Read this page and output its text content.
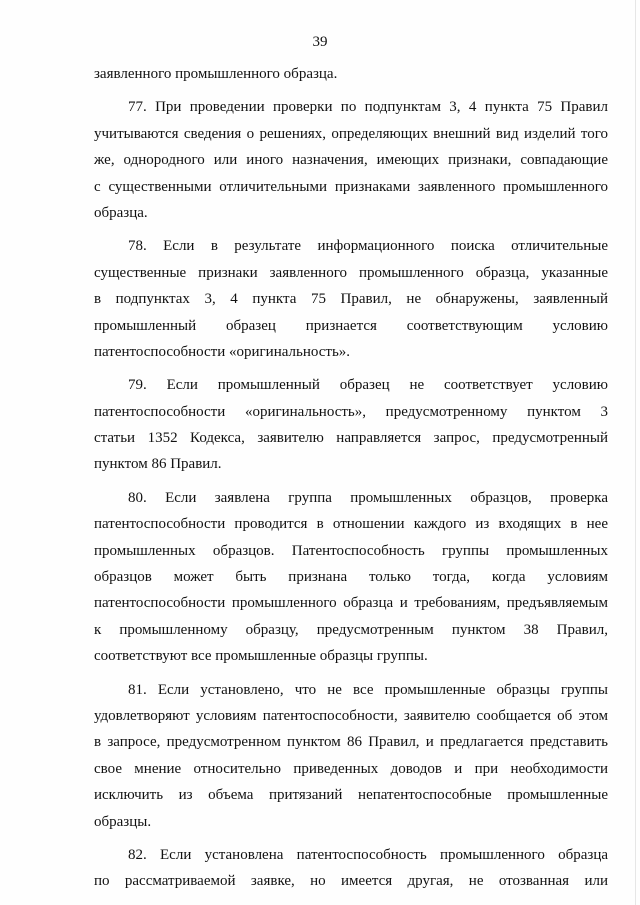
39
заявленного промышленного образца.
77. При проведении проверки по подпунктам 3, 4 пункта 75 Правил
учитываются сведения о решениях, определяющих внешний вид изделий того
же, однородного или иного назначения, имеющих признаки, совпадающие
с существенными отличительными признаками заявленного промышленного
образца.
78. Если в результате информационного поиска отличительные
существенные признаки заявленного промышленного образца, указанные
в подпунктах 3, 4 пункта 75 Правил, не обнаружены, заявленный
промышленный образец признается соответствующим условию
патентоспособности «оригинальность».
79. Если промышленный образец не соответствует условию
патентоспособности «оригинальность», предусмотренному пунктом 3
статьи 1352 Кодекса, заявителю направляется запрос, предусмотренный
пунктом 86 Правил.
80. Если заявлена группа промышленных образцов, проверка
патентоспособности проводится в отношении каждого из входящих в нее
промышленных образцов. Патентоспособность группы промышленных
образцов может быть признана только тогда, когда условиям
патентоспособности промышленного образца и требованиям, предъявляемым
к промышленному образцу, предусмотренным пунктом 38 Правил,
соответствуют все промышленные образцы группы.
81. Если установлено, что не все промышленные образцы группы
удовлетворяют условиям патентоспособности, заявителю сообщается об этом
в запросе, предусмотренном пунктом 86 Правил, и предлагается представить
свое мнение относительно приведенных доводов и при необходимости
исключить из объема притязаний непатентоспособные промышленные
образцы.
82. Если установлена патентоспособность промышленного образца
по рассматриваемой заявке, но имеется другая, не отозванная или
